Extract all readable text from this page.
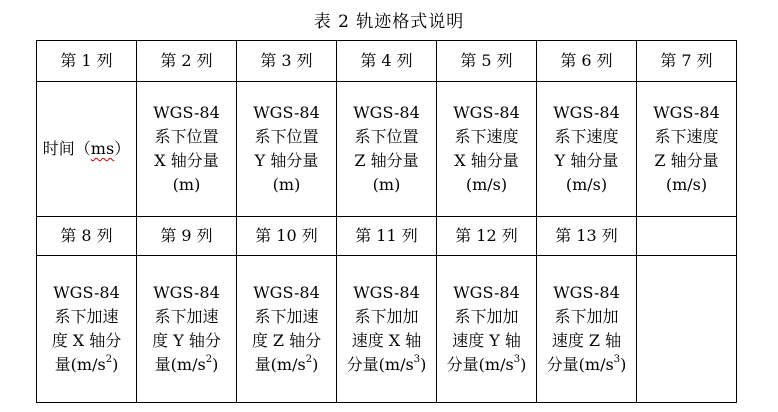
表 2 轨迹格式说明
第 1 列	第 2 列	第 3 列	第 4 列	第 5 列	第 6 列	第 7 列
时间（ms）	WGS-84
系下位置
X 轴分量
(m)	WGS-84
系下位置
Y 轴分量
(m)	WGS-84
系下位置
Z 轴分量
(m)	WGS-84
系下速度
X 轴分量
(m/s)	WGS-84
系下速度
Y 轴分量
(m/s)	WGS-84
系下速度
Z 轴分量
(m/s)

第 8 列	第 9 列	第 10 列	第 11 列	第 12 列	第 13 列	

WGS-84
系下加速
度 X 轴分
量$(m/s^2)$	WGS-84
系下加速
度 Y 轴分
量$(m/s^2)$	WGS-84
系下加速
度 Z 轴分
量$(m/s^2)$	WGS-84
系下加加
速度 X 轴
分量$(m/s^3)$	WGS-84
系下加加
速度 Y 轴
分量$(m/s^3)$	WGS-84
系下加加
速度 Z 轴
分量$(m/s^3)$	
